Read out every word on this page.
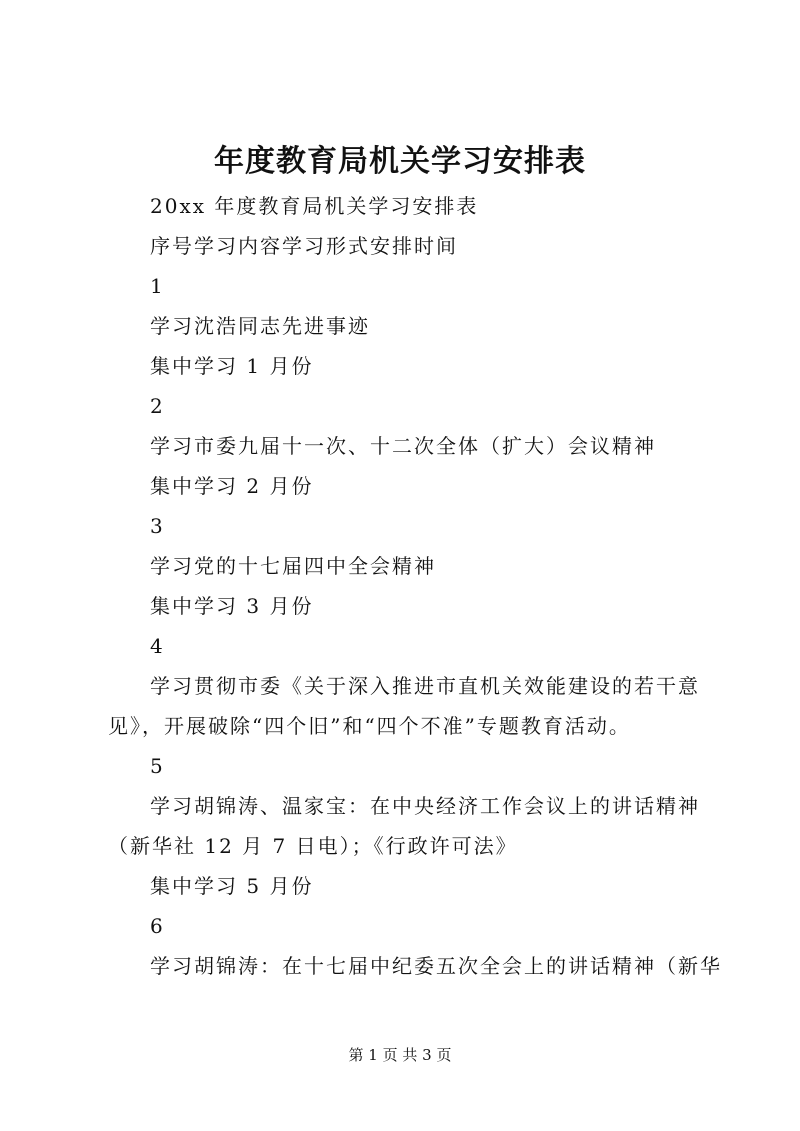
年度教育局机关学习安排表
20xx 年度教育局机关学习安排表
序号学习内容学习形式安排时间
1
学习沈浩同志先进事迹
集中学习 1 月份
2
学习市委九届十一次、十二次全体（扩大）会议精神
集中学习 2 月份
3
学习党的十七届四中全会精神
集中学习 3 月份
4
学习贯彻市委《关于深入推进市直机关效能建设的若干意见》，开展破除“四个旧”和“四个不准”专题教育活动。
5
学习胡锦涛、温家宝：在中央经济工作会议上的讲话精神（新华社 12 月 7 日电）；《行政许可法》
集中学习 5 月份
6
学习胡锦涛：在十七届中纪委五次全会上的讲话精神（新华
第 1 页 共 3 页
